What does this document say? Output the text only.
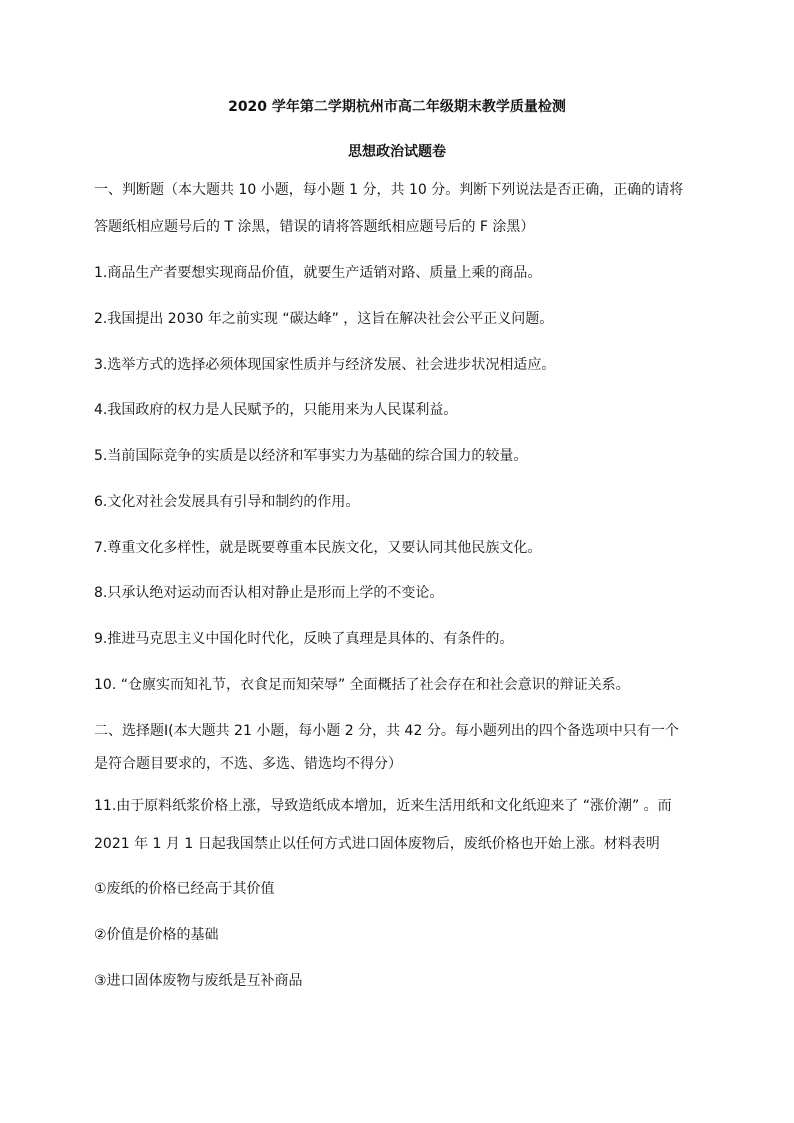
2020 学年第二学期杭州市高二年级期末教学质量检测
思想政治试题卷
一、判断题（本大题共 10 小题，每小题 1 分，共 10 分。判断下列说法是否正确，正确的请将
答题纸相应题号后的 T 涂黑，错误的请将答题纸相应题号后的 F 涂黑）
1.商品生产者要想实现商品价值，就要生产适销对路、质量上乘的商品。
2.我国提出 2030 年之前实现 “碳达峰” ，这旨在解决社会公平正义问题。
3.选举方式的选择必须体现国家性质并与经济发展、社会进步状况相适应。
4.我国政府的权力是人民赋予的，只能用来为人民谋利益。
5.当前国际竞争的实质是以经济和军事实力为基础的综合国力的较量。
6.文化对社会发展具有引导和制约的作用。
7.尊重文化多样性，就是既要尊重本民族文化，又要认同其他民族文化。
8.只承认绝对运动而否认相对静止是形而上学的不变论。
9.推进马克思主义中国化时代化，反映了真理是具体的、有条件的。
10. “仓廪实而知礼节，衣食足而知荣辱” 全面概括了社会存在和社会意识的辩证关系。
二、选择题Ⅰ(本大题共 21 小题，每小题 2 分，共 42 分。每小题列出的四个备选项中只有一个
是符合题目要求的，不选、多选、错选均不得分）
11.由于原料纸浆价格上涨，导致造纸成本增加，近来生活用纸和文化纸迎来了 “涨价潮” 。而
2021 年 1 月 1 日起我国禁止以任何方式进口固体废物后，废纸价格也开始上涨。材料表明
①废纸的价格已经高于其价值
②价值是价格的基础
③进口固体废物与废纸是互补商品
